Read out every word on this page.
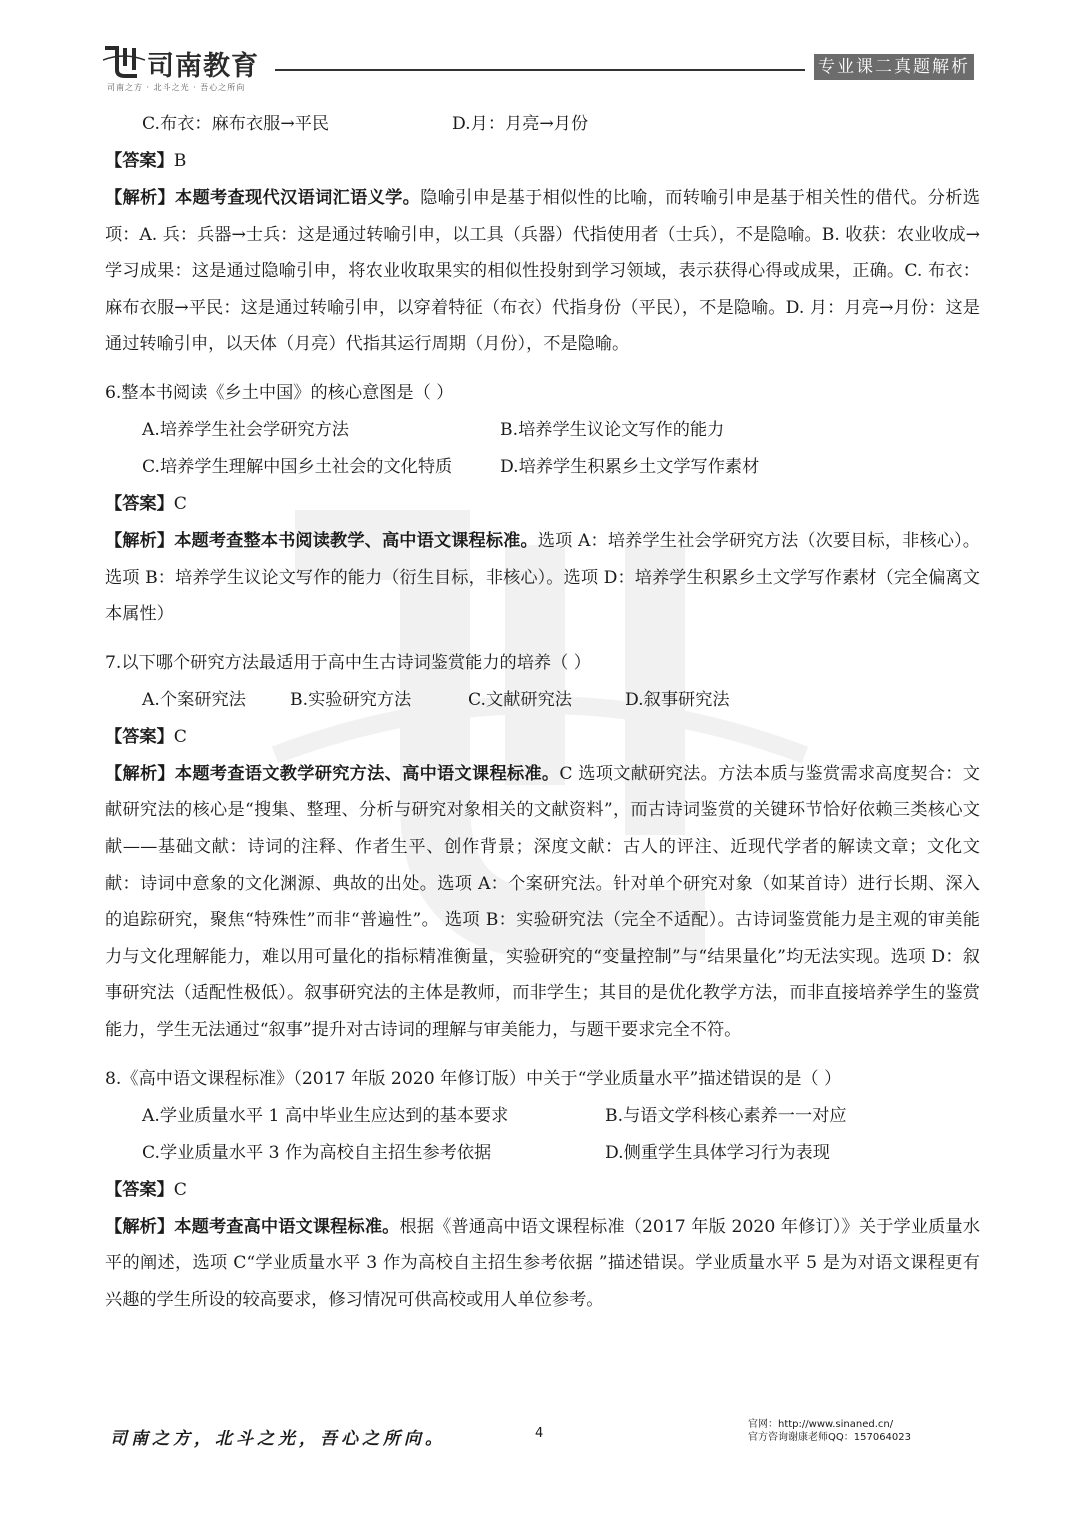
司南教育
司南之方 · 北斗之光 · 吾心之所向
专业课二真题解析
C.布衣：麻布衣服→平民	D.月：月亮→月份
【答案】B

【解析】本题考查现代汉语词汇语义学。隐喻引申是基于相似性的比喻，而转喻引申是基于相关性的借代。分析选项：A. 兵：兵器→士兵：这是通过转喻引申，以工具（兵器）代指使用者（士兵），不是隐喻。B. 收获：农业收成→学习成果：这是通过隐喻引申，将农业收取果实的相似性投射到学习领域，表示获得心得或成果，正确。C. 布衣：麻布衣服→平民：这是通过转喻引申，以穿着特征（布衣）代指身份（平民），不是隐喻。D. 月：月亮→月份：这是通过转喻引申，以天体（月亮）代指其运行周期（月份），不是隐喻。

6.整本书阅读《乡土中国》的核心意图是（ ）
A.培养学生社会学研究方法	B.培养学生议论文写作的能力
C.培养学生理解中国乡土社会的文化特质	D.培养学生积累乡土文学写作素材
【答案】C

【解析】本题考查整本书阅读教学、高中语文课程标准。选项 A：培养学生社会学研究方法（次要目标，非核心）。选项 B：培养学生议论文写作的能力（衍生目标，非核心）。选项 D：培养学生积累乡土文学写作素材（完全偏离文本属性）

7.以下哪个研究方法最适用于高中生古诗词鉴赏能力的培养（ ）
A.个案研究法	B.实验研究方法	C.文献研究法	D.叙事研究法
【答案】C

【解析】本题考查语文教学研究方法、高中语文课程标准。C 选项文献研究法。方法本质与鉴赏需求高度契合：文献研究法的核心是“搜集、整理、分析与研究对象相关的文献资料”，而古诗词鉴赏的关键环节恰好依赖三类核心文献——基础文献：诗词的注释、作者生平、创作背景；深度文献：古人的评注、近现代学者的解读文章；文化文献：诗词中意象的文化渊源、典故的出处。选项 A：个案研究法。针对单个研究对象（如某首诗）进行长期、深入的追踪研究，聚焦“特殊性”而非“普遍性”。 选项 B：实验研究法（完全不适配）。古诗词鉴赏能力是主观的审美能力与文化理解能力，难以用可量化的指标精准衡量，实验研究的“变量控制”与“结果量化”均无法实现。选项 D：叙事研究法（适配性极低）。叙事研究法的主体是教师，而非学生；其目的是优化教学方法，而非直接培养学生的鉴赏能力，学生无法通过“叙事”提升对古诗词的理解与审美能力，与题干要求完全不符。

8.《高中语文课程标准》（2017 年版 2020 年修订版）中关于“学业质量水平”描述错误的是（ ）
A.学业质量水平 1 高中毕业生应达到的基本要求	B.与语文学科核心素养一一对应
C.学业质量水平 3 作为高校自主招生参考依据	D.侧重学生具体学习行为表现
【答案】C

【解析】本题考查高中语文课程标准。根据《普通高中语文课程标准（2017 年版 2020 年修订）》关于学业质量水平的阐述，选项 C“学业质量水平 3 作为高校自主招生参考依据 ”描述错误。学业质量水平 5 是为对语文课程更有兴趣的学生所设的较高要求，修习情况可供高校或用人单位参考。

司南之方，北斗之光，吾心之所向。	4
官网：http://www.sinaned.cn/
官方咨询谢康老师QQ：157064023
